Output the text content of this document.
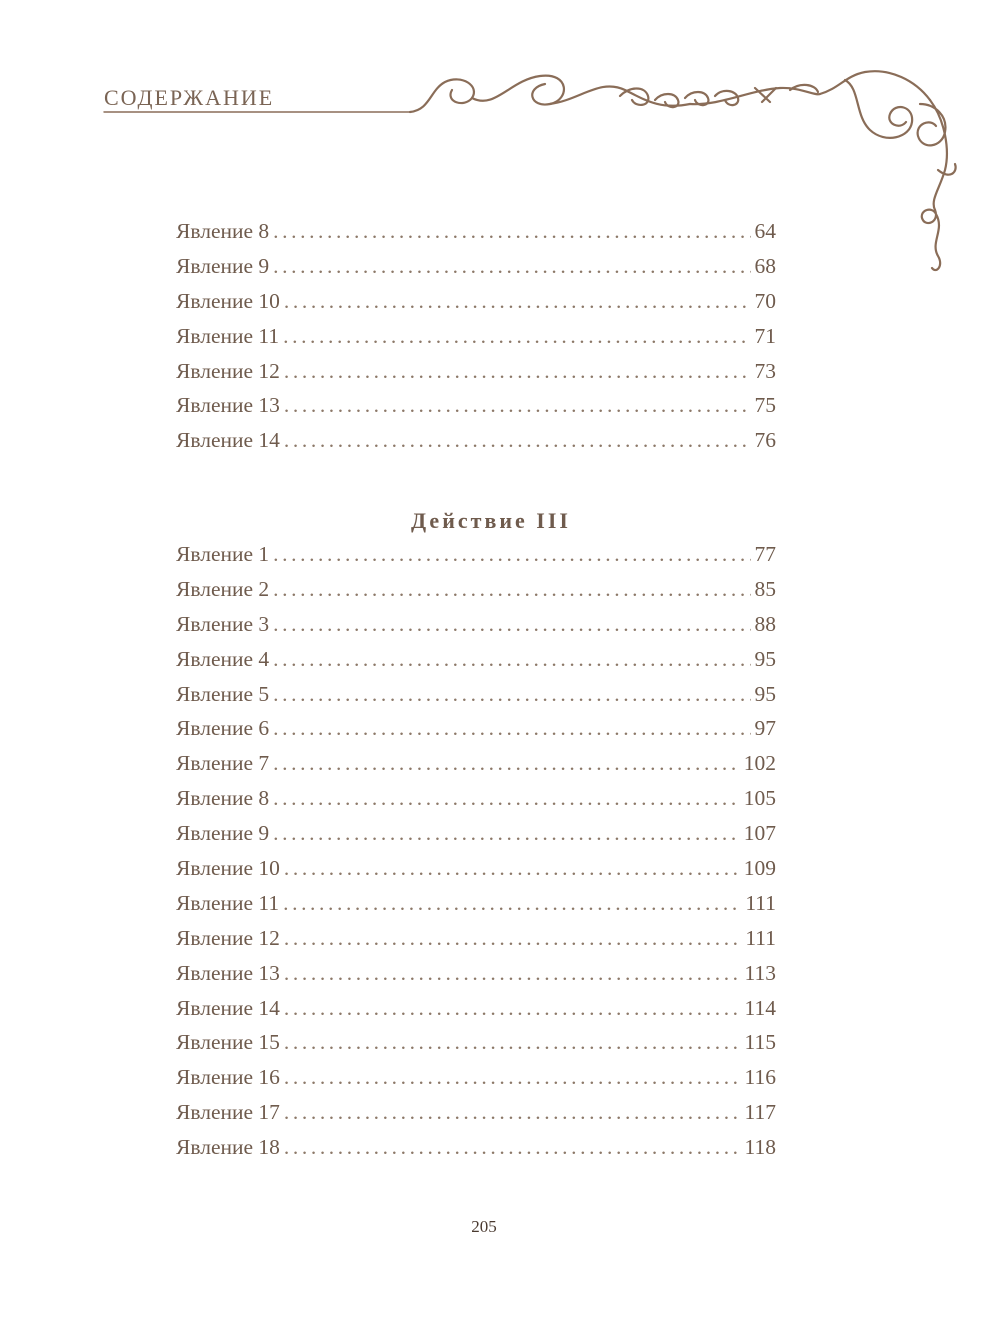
СОДЕРЖАНИЕ
Явление 8 .....	64
Явление 9 .....	68
Явление 10 .....	70
Явление 11 .....	71
Явление 12 .....	73
Явление 13 .....	75
Явление 14 .....	76
Действие III
Явление 1 .....	77
Явление 2 .....	85
Явление 3 .....	88
Явление 4 .....	95
Явление 5 .....	95
Явление 6 .....	97
Явление 7 .....	102
Явление 8 .....	105
Явление 9 .....	107
Явление 10 .....	109
Явление 11 .....	111
Явление 12 .....	111
Явление 13 .....	113
Явление 14 .....	114
Явление 15 .....	115
Явление 16 .....	116
Явление 17 .....	117
Явление 18 .....	118
205
